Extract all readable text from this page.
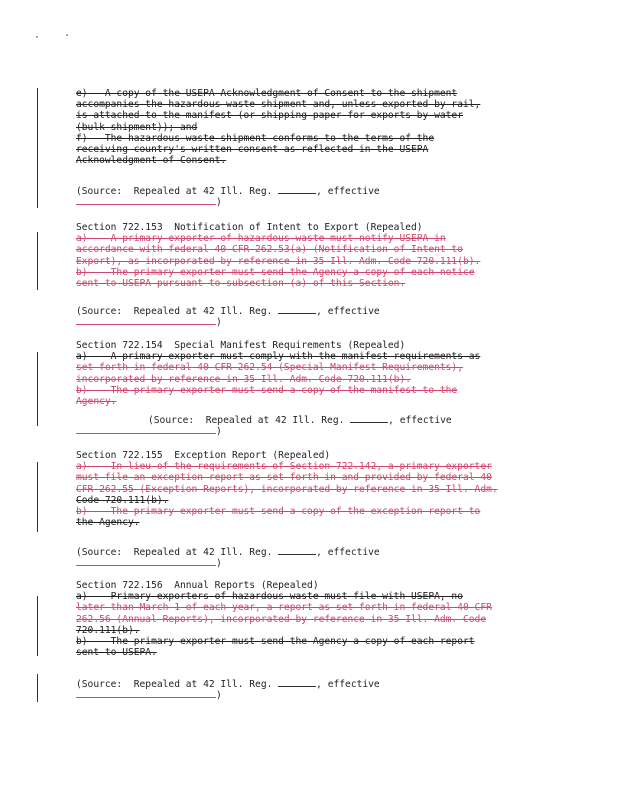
e)   A copy of the USEPA Acknowledgment of Consent to the shipment
accompanies the hazardous waste shipment and, unless exported by rail,
is attached to the manifest (or shipping paper for exports by water
(bulk shipment)); and
f)   The hazardous waste shipment conforms to the terms of the
receiving country's written consent as reflected in the USEPA
Acknowledgment of Consent.
(Source:  Repealed at 42 Ill. Reg.	, effective
)
Section 722.153  Notification of Intent to Export (Repealed)
a)    A primary exporter of hazardous waste must notify USEPA in
accordance with federal 40 CFR 262.53(a) (Notification of Intent to
Export), as incorporated by reference in 35 Ill. Adm. Code 720.111(b).
b)    The primary exporter must send the Agency a copy of each notice
sent to USEPA pursuant to subsection (a) of this Section.
(Source:  Repealed at 42 Ill. Reg.	, effective
)
Section 722.154  Special Manifest Requirements (Repealed)
a)    A primary exporter must comply with the manifest requirements as
set forth in federal 40 CFR 262.54 (Special Manifest Requirements),
incorporated by reference in 35 Ill. Adm. Code 720.111(b).
b)    The primary exporter must send a copy of the manifest to the
Agency.
(Source:  Repealed at 42 Ill. Reg.	, effective
)
Section 722.155  Exception Report (Repealed)
a)    In lieu of the requirements of Section 722.142, a primary exporter
must file an exception report as set forth in and provided by federal 40
CFR 262.55 (Exception Reports), incorporated by reference in 35 Ill. Adm.
Code 720.111(b).
b)    The primary exporter must send a copy of the exception report to
the Agency.
(Source:  Repealed at 42 Ill. Reg.	, effective
)
Section 722.156  Annual Reports (Repealed)
a)    Primary exporters of hazardous waste must file with USEPA, no
later than March 1 of each year, a report as set forth in federal 40 CFR
262.56 (Annual Reports), incorporated by reference in 35 Ill. Adm. Code
720.111(b).
b)    The primary exporter must send the Agency a copy of each report
sent to USEPA.
(Source:  Repealed at 42 Ill. Reg.	, effective
)
